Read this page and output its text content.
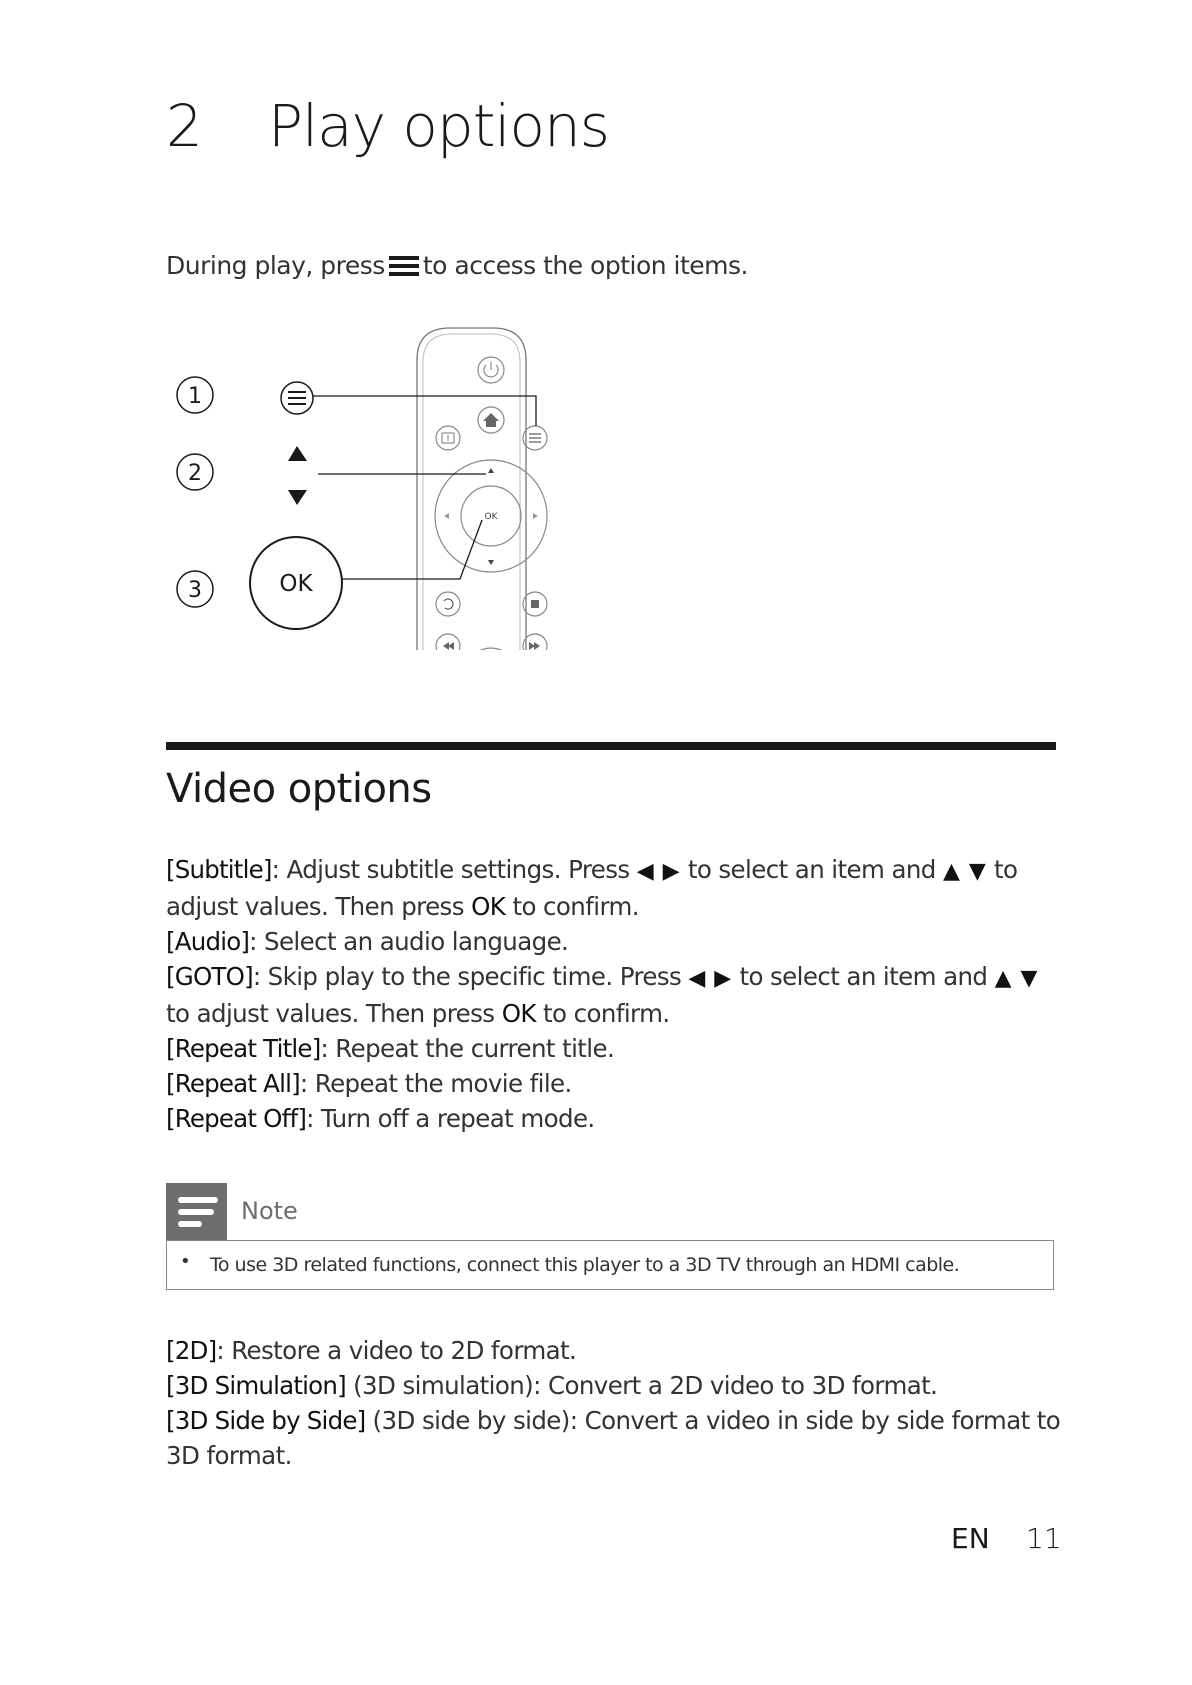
2 Play options
During play, press to access the option items.
1
2
3	OK
OK
Video options

[Subtitle]: Adjust subtitle settings. Press ◀ ▶ to select an item and ▲ ▼ to adjust values. Then press OK to confirm.

[Audio]: Select an audio language.

[GOTO]: Skip play to the specific time. Press ◀ ▶ to select an item and ▲ ▼ to adjust values. Then press OK to confirm.

[Repeat Title]: Repeat the current title.

[Repeat All]: Repeat the movie file.

[Repeat Off]: Turn off a repeat mode.

Note
• To use 3D related functions, connect this player to a 3D TV through an HDMI cable.

[2D]: Restore a video to 2D format.

[3D Simulation] (3D simulation): Convert a 2D video to 3D format.

[3D Side by Side] (3D side by side): Convert a video in side by side format to 3D format.

EN 11
